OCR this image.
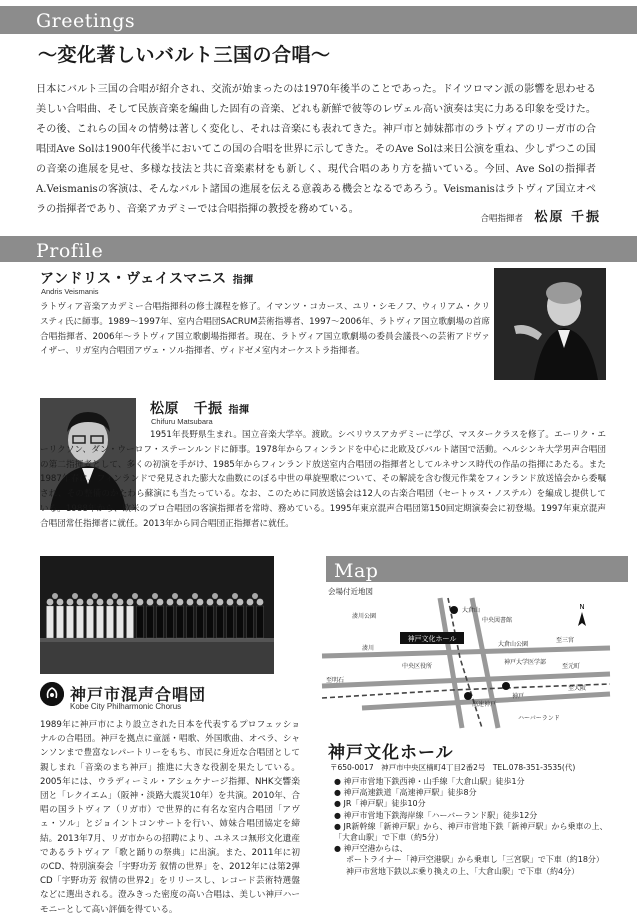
Greetings
〜変化著しいバルト三国の合唱〜

日本にバルト三国の合唱が紹介され、交流が始まったのは1970年後半のことであった。ドイツロマン派の影響を思わせる美しい合唱曲、そして民族音楽を編曲した固有の音楽、どれも新鮮で彼等のレヴェル高い演奏は実に力ある印象を受けた。その後、これらの国々の情勢は著しく変化し、それは音楽にも表れてきた。神戸市と姉妹都市のラトヴィアのリーガ市の合唱団Ave Solは1900年代後半においてこの国の合唱を世界に示してきた。そのAve Solは来日公演を重ね、少しずつこの国の音楽の進展を見せ、多様な技法と共に音楽素材をも新しく、現代合唱のあり方を描いている。今回、Ave Solの指揮者A.Veismanisの客演は、そんなバルト諸国の進展を伝える意義ある機会となるであろう。Veismanisはラトヴィア国立オペラの指揮者であり、音楽アカデミーでは合唱指揮の教授を務めている。

合唱指揮者 松原 千振
Profile
アンドリス・ヴェイスマニス 指揮
Andris Veismanis

ラトヴィア音楽アカデミー合唱指揮科の修士課程を修了。イマンツ・コカース、ユリ・シモノフ、ウィリアム・クリスティ氏に師事。1989〜1997年、室内合唱団SACRUM芸術指導者、1997〜2006年、ラトヴィア国立歌劇場の首席合唱指揮者、2006年〜ラトヴィア国立歌劇場指揮者。現在、ラトヴィア国立歌劇場の委員会議長への芸術アドヴァイザー、リガ室内合唱団アヴェ・ソル指揮者、ヴィドゼメ室内オーケストラ指揮者。

松原　千振 指揮
Chifuru Matsubara

1951年長野県生まれ。国立音楽大学卒。渡欧。シベリウスアカデミーに学び、マスタークラスを修了。エーリク・エーリクソン、ダン・ウーロフ・ステーンルンドに師事。1978年からフィンランドを中心に北欧及びバルト諸国で活動。ヘルシンキ大学男声合唱団の第二指揮者として、多くの初演を手がけ、1985年からフィンランド放送室内合唱団の指揮者としてルネサンス時代の作品の指揮にあたる。また1987年春に、フィンランドで発見された膨大な曲数にのぼる中世の単旋聖歌について、その解読を含む復元作業をフィンランド放送協会から委嘱され、その整備のかたわら蘇演にも当たっている。なお、このために同放送協会は12人の古楽合唱団（セートゥス・ノステル）を編成し提供している。1988年から、欧米のプロ合唱団の客演指揮者を常時、務めている。1995年東京混声合唱団第150回定期演奏会に初登場。1997年東京混声合唱団常任指揮者に就任。2013年から同合唱団正指揮者に就任。

神戸市混声合唱団
Kobe City Philharmonic Chorus

1989年に神戸市により設立された日本を代表するプロフェッショナルの合唱団。神戸を拠点に童謡・唱歌、外国歌曲、オペラ、シャンソンまで豊富なレパートリーをもち、市民に身近な合唱団として親しまれ「音楽のまち神戸」推進に大きな役割を果たしている。2005年には、ウラディーミル・アシュケナージ指揮、NHK交響楽団と「レクイエム」（阪神・淡路大震災10年）を共演。2010年、合唱の国ラトヴィア（リガ市）で世界的に有名な室内合唱団「アヴェ・ソル」とジョイントコンサートを行い、姉妹合唱団協定を締結。2013年7月、リガ市からの招聘により、ユネスコ無形文化遺産であるラトヴィア「歌と踊りの祭典」に出演。また、2011年に初のCD、特別演奏会「宇野功芳 叙情の世界」を、2012年には第2弾CD「宇野功芳 叙情の世界2」をリリースし、レコード芸術特選盤などに選出される。澄みきった密度の高い合唱は、美しい神戸ハーモニーとして高い評価を得ている。

Map
会場付近地図
神戸文化ホール
N
大倉山
中央図書館
大倉山公園
神戸大学医学部
中央区役所
高速神戸
神戸
ハーバーランド
湊川
至三宮
至元町
至大阪
至明石
湊川公園
神戸文化ホール
〒650-0017　神戸市中央区楠町4丁目2番2号　TEL.078-351-3535(代)
● 神戸市営地下鉄西神・山手線「大倉山駅」徒歩1分
● 神戸高速鉄道「高速神戸駅」徒歩8分
● JR「神戸駅」徒歩10分
● 神戸市営地下鉄海岸線「ハーバーランド駅」徒歩12分
● JR新幹線「新神戸駅」から、神戸市営地下鉄「新神戸駅」から乗車の上、「大倉山駅」で下車（約5分）
● 神戸空港からは、
ポートライナー「神戸空港駅」から乗車し「三宮駅」で下車（約18分）
神戸市営地下鉄以ぷ乗り換えの上、「大倉山駅」で下車（約4分）
